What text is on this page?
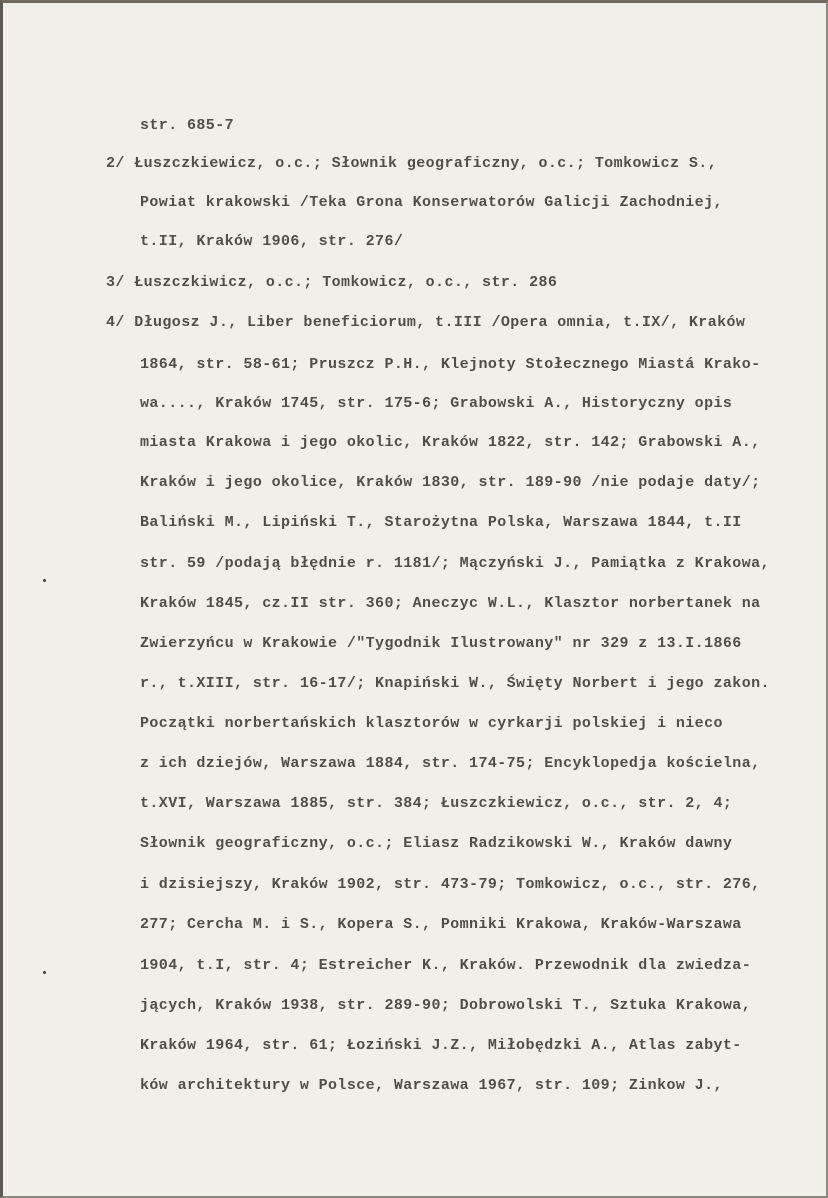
str. 685-7
2/ Łuszczkiewicz, o.c.; Słownik geograficzny, o.c.; Tomkowicz S.,
Powiat krakowski /Teka Grona Konserwatorów Galicji Zachodniej,
t.II, Kraków 1906, str. 276/
3/ Łuszczkiwicz, o.c.; Tomkowicz, o.c., str. 286
4/ Długosz J., Liber beneficiorum, t.III /Opera omnia, t.IX/, Kraków
1864, str. 58-61; Pruszcz P.H., Klejnoty Stołecznego Miastá Krako-
wa...., Kraków 1745, str. 175-6; Grabowski A., Historyczny opis
miasta Krakowa i jego okolic, Kraków 1822, str. 142; Grabowski A.,
Kraków i jego okolice, Kraków 1830, str. 189-90 /nie podaje daty/;
Baliński M., Lipiński T., Starożytna Polska, Warszawa 1844, t.II
str. 59 /podają błędnie r. 1181/; Mączyński J., Pamiątka z Krakowa,
Kraków 1845, cz.II str. 360; Aneczyc W.L., Klasztor norbertanek na
Zwierzyńcu w Krakowie /"Tygodnik Ilustrowany" nr 329 z 13.I.1866
r., t.XIII, str. 16-17/; Knapiński W., Święty Norbert i jego zakon.
Początki norbertańskich klasztorów w cyrkarji polskiej i nieco
z ich dziejów, Warszawa 1884, str. 174-75; Encyklopedja kościelna,
t.XVI, Warszawa 1885, str. 384; Łuszczkiewicz, o.c., str. 2, 4;
Słownik geograficzny, o.c.; Eliasz Radzikowski W., Kraków dawny
i dzisiejszy, Kraków 1902, str. 473-79; Tomkowicz, o.c., str. 276,
277; Cercha M. i S., Kopera S., Pomniki Krakowa, Kraków-Warszawa
1904, t.I, str. 4; Estreicher K., Kraków. Przewodnik dla zwiedza-
jących, Kraków 1938, str. 289-90; Dobrowolski T., Sztuka Krakowa,
Kraków 1964, str. 61; Łoziński J.Z., Miłobędzki A., Atlas zabyt-
ków architektury w Polsce, Warszawa 1967, str. 109; Zinkow J.,
